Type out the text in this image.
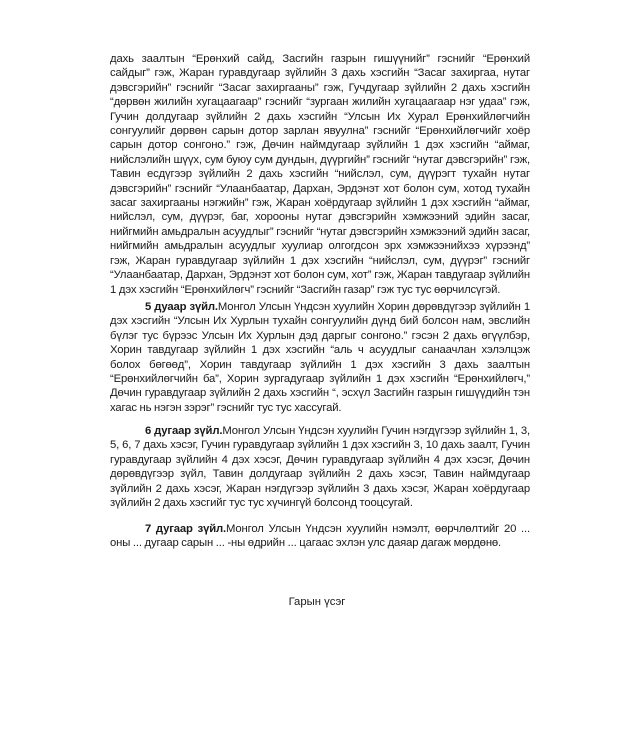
дахь заалтын “Ерөнхий сайд, Засгийн газрын гишүүнийг” гэснийг “Ерөнхий сайдыг” гэж, Жаран гуравдугаар зүйлийн 3 дахь хэсгийн “Засаг захиргаа, нутаг дэвсгэрийн” гэснийг “Засаг захиргааны” гэж, Гучдугаар зүйлийн 2 дахь хэсгийн “дөрвөн жилийн хугацаагаар” гэснийг “зургаан жилийн хугацаагаар нэг удаа” гэж, Гучин долдугаар зүйлийн 2 дахь хэсгийн “Улсын Их Хурал Ерөнхийлөгчийн сонгуулийг дөрвөн сарын дотор зарлан явуулна” гэснийг “Ерөнхийлөгчийг хоёр сарын дотор сонгоно.” гэж, Дөчин наймдугаар зүйлийн 1 дэх хэсгийн “аймаг, нийслэлийн шүүх, сум буюу сум дундын, дүүргийн” гэснийг “нутаг дэвсгэрийн” гэж, Тавин есдүгээр зүйлийн 2 дахь хэсгийн “нийслэл, сум, дүүрэгт тухайн нутаг дэвсгэрийн” гэснийг “Улаанбаатар, Дархан, Эрдэнэт хот болон сум, хотод тухайн засаг захиргааны нэгжийн” гэж, Жаран хоёрдугаар зүйлийн 1 дэх хэсгийн “аймаг, нийслэл, сум, дүүрэг, баг, хорооны нутаг дэвсгэрийн хэмжээний эдийн засаг, нийгмийн амьдралын асуудлыг” гэснийг “нутаг дэвсгэрийн хэмжээний эдийн засаг, нийгмийн амьдралын асуудлыг хуулиар олгогдсон эрх хэмжээнийхээ хүрээнд” гэж, Жаран гуравдугаар зүйлийн 1 дэх хэсгийн “нийслэл, сум, дүүрэг” гэснийг “Улаанбаатар, Дархан, Эрдэнэт хот болон сум, хот” гэж, Жаран тавдугаар зүйлийн 1 дэх хэсгийн “Ерөнхийлөгч” гэснийг “Засгийн газар” гэж тус тус өөрчилсүгэй.

5 дуаар зүйл.Монгол Улсын Үндсэн хуулийн Хорин дөрөвдүгээр зүйлийн 1 дэх хэсгийн “Улсын Их Хурлын тухайн сонгуулийн дүнд бий болсон нам, эвслийн бүлэг тус бүрээс Улсын Их Хурлын дэд даргыг сонгоно.” гэсэн 2 дахь өгүүлбэр, Хорин тавдугаар зүйлийн 1 дэх хэсгийн “аль ч асуудлыг санаачлан хэлэлцэж болох бөгөөд”, Хорин тавдугаар зүйлийн 1 дэх хэсгийн 3 дахь заалтын “Ерөнхийлөгчийн ба”, Хорин зургадугаар зүйлийн 1 дэх хэсгийн “Ерөнхийлөгч,” Дөчин гуравдугаар зүйлийн 2 дахь хэсгийн “, эсхүл Засгийн газрын гишүүдийн тэн хагас нь нэгэн зэрэг” гэснийг тус тус хассугай.

6 дугаар зүйл.Монгол Улсын Үндсэн хуулийн Гучин нэгдүгээр зүйлийн 1, 3, 5, 6, 7 дахь хэсэг, Гучин гуравдугаар зүйлийн 1 дэх хэсгийн 3, 10 дахь заалт, Гучин гуравдугаар зүйлийн 4 дэх хэсэг, Дөчин гуравдугаар зүйлийн 4 дэх хэсэг, Дөчин дөрөвдүгээр зүйл, Тавин долдугаар зүйлийн 2 дахь хэсэг, Тавин наймдугаар зүйлийн 2 дахь хэсэг, Жаран нэгдүгээр зүйлийн 3 дахь хэсэг, Жаран хоёрдугаар зүйлийн 2 дахь хэсгийг тус тус хүчингүй болсонд тооцсугай.

7 дугаар зүйл.Монгол Улсын Үндсэн хуулийн нэмэлт, өөрчлөлтийг 20 ... оны ... дугаар сарын ... -ны өдрийн ... цагаас эхлэн улс даяар дагаж мөрдөнө.

Гарын үсэг
